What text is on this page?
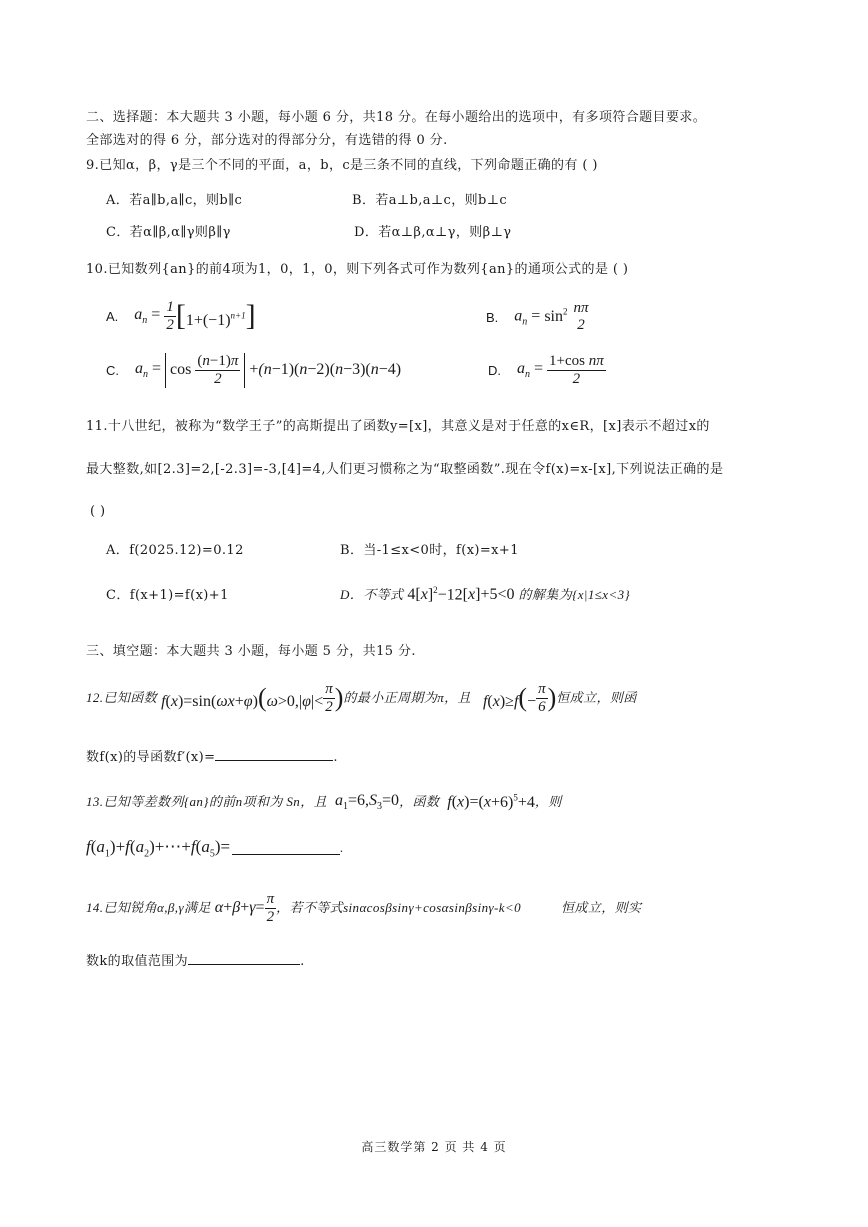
二、选择题：本大题共 3 小题，每小题 6 分，共18 分。在每小题给出的选项中，有多项符合题目要求。
全部选对的得 6 分，部分选对的得部分分，有选错的得 0 分.
9.已知α，β，γ是三个不同的平面，a，b，c是三条不同的直线，下列命题正确的有 ( )
A．若a∥b,a∥c，则b∥c	B．若a⊥b,a⊥c，则b⊥c
C．若α∥β,α∥γ则β∥γ	D．若α⊥β,α⊥γ，则β⊥γ
10.已知数列{an}的前4项为1，0，1，0，则下列各式可作为数列{an}的通项公式的是 ( )
A. $a_n = \frac{1}{2} [1+(-1)^{n+1}]$	B. $a_n = \sin^2 n\pi$
2
C. $a_n = \cos \frac{(n-1)\pi}{2} + (n -1)$( n −2)( n −3)( n −4)	D. $a_n = \frac{\text{1+cos nπ}}{2}$
11.十八世纪，被称为“数学王子”的高斯提出了函数y=[x]，其意义是对于任意的x∈R，[x]表示不超过x的
最大整数,如[2.3]=2,[-2.3]=-3,[4]=4,人们更习惯称之为“取整函数”.现在令f(x)=x-[x],下列说法正确的是
( )
A．f(2025.12)=0.12	B．当-1≤x<0时，f(x)=x+1
C．f(x+1)=f(x)+1	D．不等式 4[ x ]$^2$−12[ x ]+5<0 的解集为{x|1≤x<3}
三、填空题：本大题共 3 小题，每小题 5 分，共15 分.
12.已知函数 $f(x)=\sin(\omega x+\varphi)(\omega>0,|\varphi|< \frac{\pi}{2}$ ) 的最小正周期为π，且 $f(x)\ge f(- \frac{\pi}{6}$ ) 恒成立，则函
数f(x)的导函数f′(x)=	.
13.已知等差数列{an}的前n项和为 Sn，且 $a_1=6,S_3=0$ ，函数 $f(x)=(x+6)^5+4$ ，则
$f(a_1)+f(a_2)+\cdots+f(a_5)=$	.
14.已知锐角α,β,γ满足 $\alpha+\beta+\gamma= \frac{\pi}{2}$ ，若不等式sinαcosβsinγ+cosαsinβsinγ-k<0	恒成立，则实
数k的取值范围为	.
高三数学第 2 页 共 4 页
